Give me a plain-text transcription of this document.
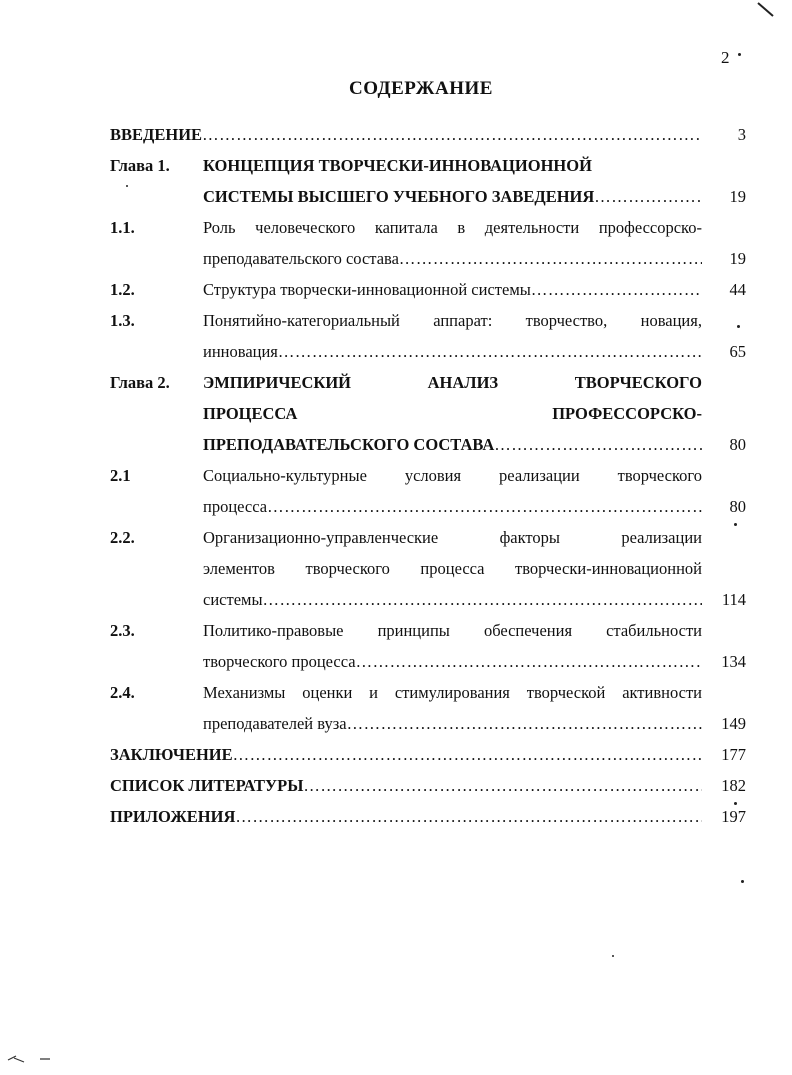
2
СОДЕРЖАНИЕ
ВВЕДЕНИЕ ……………………………………………………………………………………………………………………………………	3
Глава 1. КОНЦЕПЦИЯ ТВОРЧЕСКИ-ИННОВАЦИОННОЙ
СИСТЕМЫ ВЫСШЕГО УЧЕБНОГО ЗАВЕДЕНИЯ ……………………………………………………………………………………………………………………………………	19
1.1.	Роль человеческого капитала в деятельности профессорско-
преподавательского состава ……………………………………………………………………………………………………………………………………	19
1.2.	Структура творчески-инновационной системы ……………………………………………………………………………………………………………………………………	44
1.3.	Понятийно-категориальный аппарат: творчество, новация,
инновация ……………………………………………………………………………………………………………………………………	65
Глава 2. ЭМПИРИЧЕСКИЙ	АНАЛИЗ	ТВОРЧЕСКОГО
ПРОЦЕССА	ПРОФЕССОРСКО-
ПРЕПОДАВАТЕЛЬСКОГО СОСТАВА ……………………………………………………………………………………………………………………………………	80
2.1	Социально-культурные условия реализации творческого
процесса ……………………………………………………………………………………………………………………………………	80
2.2.	Организационно-управленческие	факторы	реализации
элементов творческого процесса творчески-инновационной
системы ……………………………………………………………………………………………………………………………………	114
2.3.	Политико-правовые принципы обеспечения стабильности
творческого процесса ……………………………………………………………………………………………………………………………………	134
2.4.	Механизмы оценки и стимулирования творческой активности
преподавателей вуза ……………………………………………………………………………………………………………………………………	149
ЗАКЛЮЧЕНИЕ ……………………………………………………………………………………………………………………………………	177
СПИСОК ЛИТЕРАТУРЫ ……………………………………………………………………………………………………………………………………	182
ПРИЛОЖЕНИЯ ……………………………………………………………………………………………………………………………………	197
